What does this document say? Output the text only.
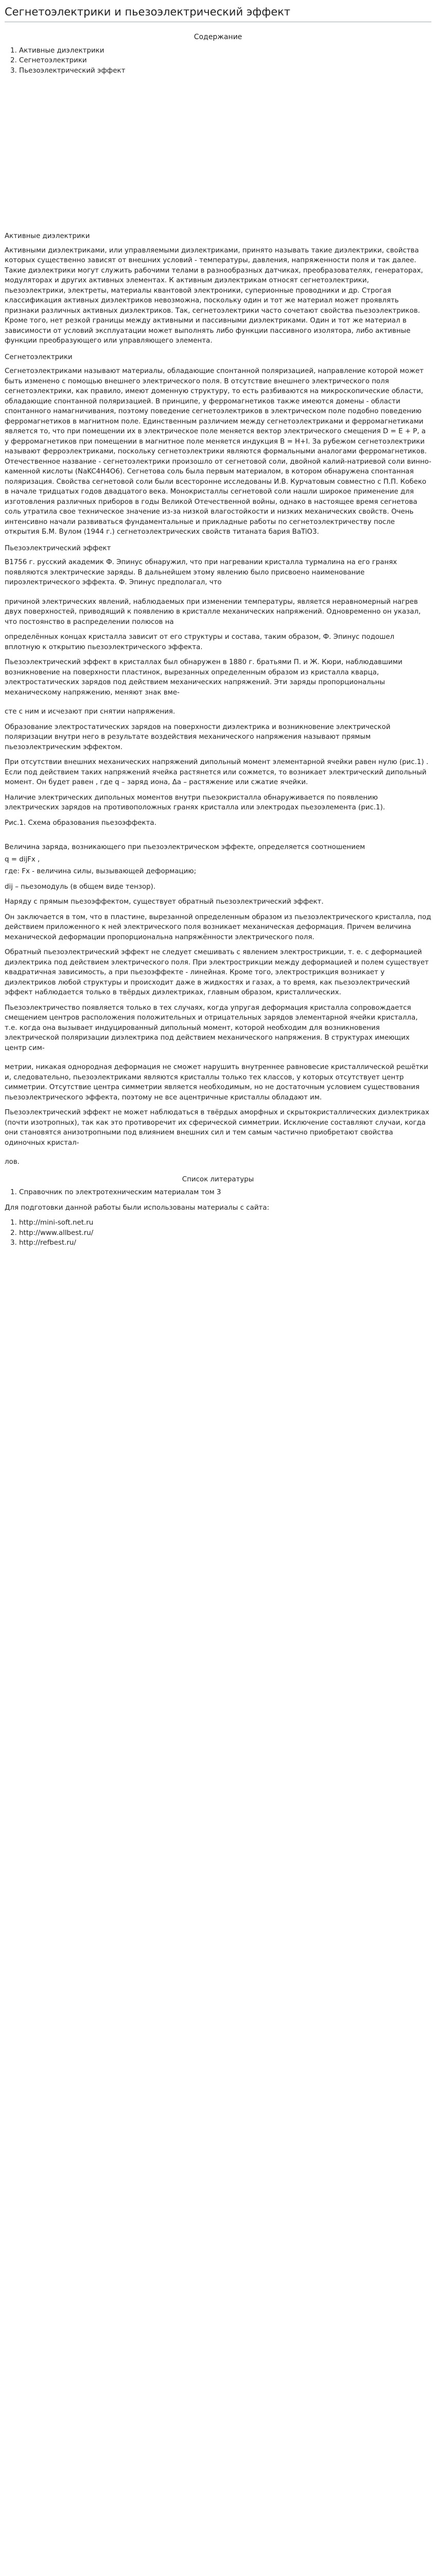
Сегнетоэлектрики и пьезоэлектрический эффект
Содержание
1. Активные диэлектрики
2. Сегнетоэлектрики
3. Пьезоэлектрический эффект
Активные диэлектрики

Активными диэлектриками, или управляемыми диэлектриками, принято называть такие диэлектрики, свойства которых существенно зависят от внешних условий - температуры, давления, напряженности поля и так далее. Такие диэлектрики могут служить рабочими телами в разнообразных датчиках, преобразователях, генераторах, модуляторах и других активных элементах. К активным диэлектрикам относят сегнетоэлектрики, пьезоэлектрики, электреты, материалы квантовой электроники, суперионные проводники и др. Строгая классификация активных диэлектриков невозможна, поскольку один и тот же материал может проявлять признаки различных активных диэлектриков. Так, сегнетоэлектрики часто сочетают свойства пьезоэлектриков. Кроме того, нет резкой границы между активными и пассивными диэлектриками. Один и тот же материал в зависимости от условий эксплуатации может выполнять либо функции пассивного изолятора, либо активные функции преобразующего или управляющего элемента.

Сегнетоэлектрики

Сегнетоэлектриками называют материалы, обладающие спонтанной поляризацией, направление которой может быть изменено с помощью внешнего электрического поля. В отсутствие внешнего электрического поля сегнетоэлектрики, как правило, имеют доменную структуру, то есть разбиваются на микроскопические области, обладающие спонтанной поляризацией. В принципе, у ферромагнетиков также имеются домены - области спонтанного намагничивания, поэтому поведение сегнетоэлектриков в электрическом поле подобно поведению ферромагнетиков в магнитном поле. Единственным различием между сегнетоэлектриками и ферромагнетиками является то, что при помещении их в электрическое поле меняется вектор электрического смещения D = E + P, а у ферромагнетиков при помещении в магнитное поле меняется индукция B = H+I. За рубежом сегнетоэлектрики называют ферроэлектриками, поскольку сегнетоэлектрики являются формальными аналогами ферромагнетиков. Отечественное название - сегнетоэлектрики произошло от сегнетовой соли, двойной калий-натриевой соли винно-каменной кислоты (NaKC4H4O6). Сегнетова соль была первым материалом, в котором обнаружена спонтанная поляризация. Свойства сегнетовой соли были всесторонне исследованы И.В. Курчатовым совместно с П.П. Кобеко в начале тридцатых годов двадцатого века. Монокристаллы сегнетовой соли нашли широкое применение для изготовления различных приборов в годы Великой Отечественной войны, однако в настоящее время сегнетова соль утратила свое техническое значение из-за низкой влагостойкости и низких механических свойств. Очень интенсивно начали развиваться фундаментальные и прикладные работы по сегнетоэлектричеству после открытия Б.М. Вулом (1944 г.) сегнетоэлектрических свойств титаната бария BaTiO3.

Пьезоэлектрический эффект

В1756 г. русский академик Ф. Эпинус обнаружил, что при нагревании кристалла турмалина на его гранях появляются электрические заряды. В дальнейшем этому явлению было присвоено наименование пироэлектрического эффекта. Ф. Эпинус предполагал, что

причиной электрических явлений, наблюдаемых при изменении температуры, является неравномерный нагрев двух поверхностей, приводящий к появлению в кристалле механических напряжений. Одновременно он указал, что постоянство в распределении полюсов на

определённых концах кристалла зависит от его структуры и состава, таким образом, Ф. Эпинус подошел вплотную к открытию пьезоэлектрического эффекта.

Пьезоэлектрический эффект в кристаллах был обнаружен в 1880 г. братьями П. и Ж. Кюри, наблюдавшими возникновение на поверхности пластинок, вырезанных определенным образом из кристалла кварца, электростатических зарядов под действием механических напряжений. Эти заряды пропорциональны механическому напряжению, меняют знак вме-

сте с ним и исчезают при снятии напряжения.

Образование электростатических зарядов на поверхности диэлектрика и возникновение электрической поляризации внутри него в результате воздействия механического напряжения называют прямым пьезоэлектрическим эффектом.

При отсутствии внешних механических напряжений дипольный момент элементарной ячейки равен нулю (рис.1) . Если под действием таких напряжений ячейка растянется или сожмется, то возникает электрический дипольный момент. Он будет равен , где q – заряд иона, Δa – растяжение или сжатие ячейки.

Наличие электрических дипольных моментов внутри пьезокристалла обнаруживается по появлению электрических зарядов на противоположных гранях кристалла или электродах пьезоэлемента (рис.1).

Рис.1. Схема образования пьезоэффекта.

Величина заряда, возникающего при пьезоэлектрическом эффекте, определяется соотношением

q = dijFx ,

где: Fх - величина силы, вызывающей деформацию;

dij – пьезомодуль (в общем виде тензор).

Наряду с прямым пьезоэффектом, существует обратный пьезоэлектрический эффект.

Он заключается в том, что в пластине, вырезанной определенным образом из пьезоэлектрического кристалла, под действием приложенного к ней электрического поля возникает механическая деформация. Причем величина механической деформации пропорциональна напряжённости электрического поля.

Обратный пьезоэлектрический эффект не следует смешивать с явлением электрострикции, т. е. с деформацией диэлектрика под действием электрического поля. При электрострикции между деформацией и полем существует квадратичная зависимость, а при пьезоэффекте - линейная. Кроме того, электрострикция возникает у диэлектриков любой структуры и происходит даже в жидкостях и газах, а то время, как пьезоэлектрический эффект наблюдается только в твёрдых диэлектриках, главным образом, кристаллических.

Пьезоэлектричество появляется только в тех случаях, когда упругая деформация кристалла сопровождается смещением центров расположения положительных и отрицательных зарядов элементарной ячейки кристалла, т.е. когда она вызывает индуцированный дипольный момент, которой необходим для возникновения электрической поляризации диэлектрика под действием механического напряжения. В структурах имеющих центр сим-

метрии, никакая однородная деформация не сможет нарушить внутреннее равновесие кристаллической решётки и, следовательно, пьезоэлектриками являются кристаллы только тех классов, у которых отсутствует центр симметрии. Отсутствие центра симметрии является необходимым, но не достаточным условием существования пьезоэлектрического эффекта, поэтому не все ацентричные кристаллы обладают им.

Пьезоэлектрический эффект не может наблюдаться в твёрдых аморфных и скрытокристаллических диэлектриках (почти изотропных), так как это противоречит их сферической симметрии. Исключение составляют случаи, когда они становятся анизотропными под влиянием внешних сил и тем самым частично приобретают свойства одиночных кристал-

лов.

Список литературы
1. Справочник по электротехническим материалам том 3

Для подготовки данной работы были использованы материалы с сайта:

1. http://mini-soft.net.ru
2. http://www.allbest.ru/
3. http://refbest.ru/
